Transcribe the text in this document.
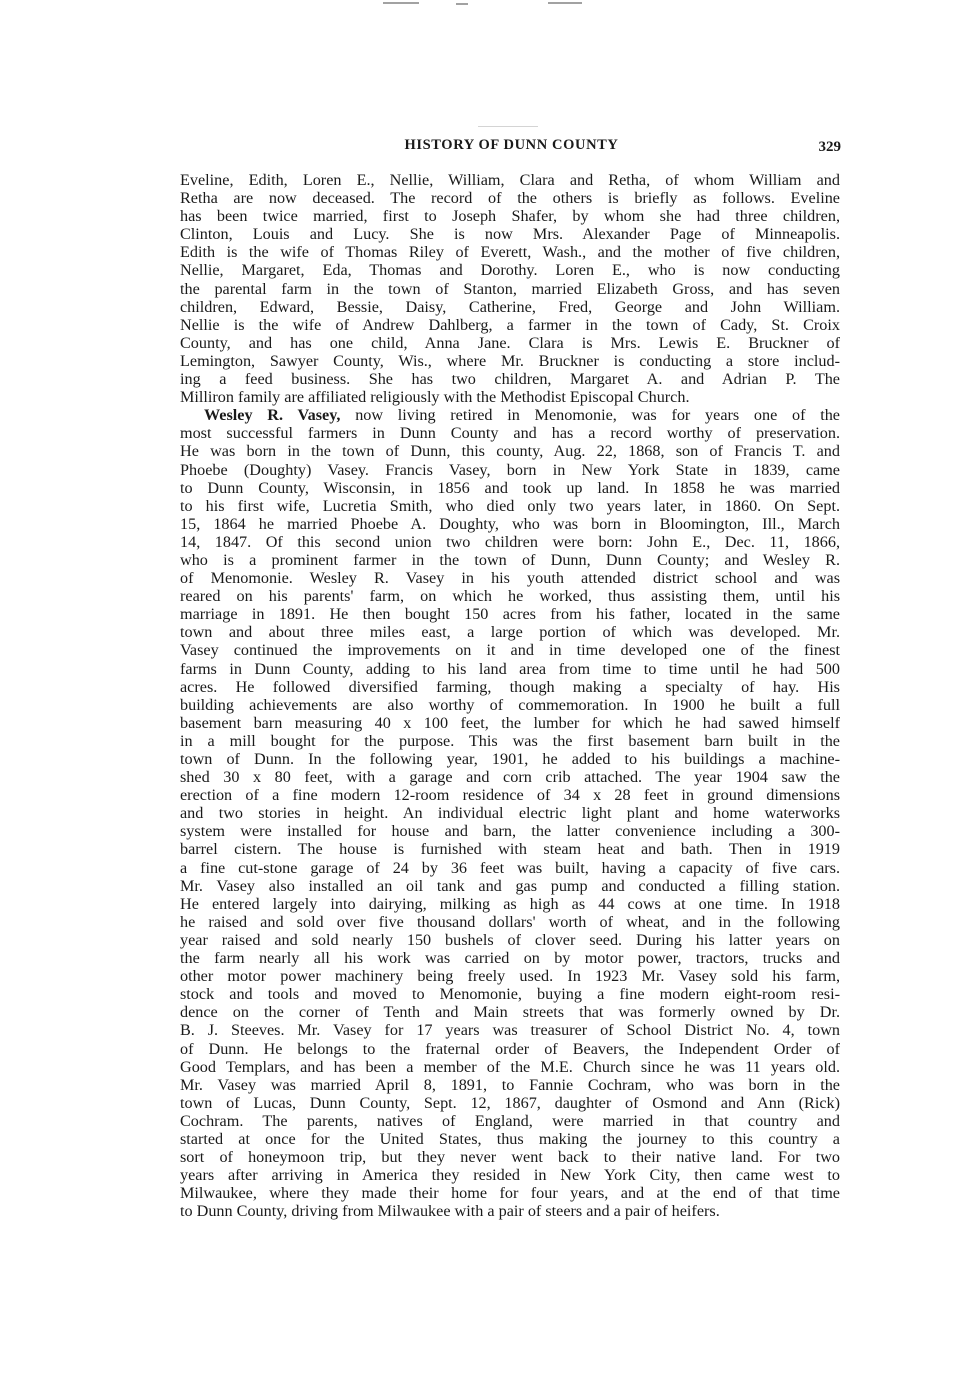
HISTORY OF DUNN COUNTY	329
Eveline, Edith, Loren E., Nellie, William, Clara and Retha, of whom William and
Retha are now deceased. The record of the others is briefly as follows. Eveline
has been twice married, first to Joseph Shafer, by whom she had three children,
Clinton, Louis and Lucy. She is now Mrs. Alexander Page of Minneapolis.
Edith is the wife of Thomas Riley of Everett, Wash., and the mother of five children,
Nellie, Margaret, Eda, Thomas and Dorothy. Loren E., who is now conducting
the parental farm in the town of Stanton, married Elizabeth Gross, and has seven
children, Edward, Bessie, Daisy, Catherine, Fred, George and John William.
Nellie is the wife of Andrew Dahlberg, a farmer in the town of Cady, St. Croix
County, and has one child, Anna Jane. Clara is Mrs. Lewis E. Bruckner of
Lemington, Sawyer County, Wis., where Mr. Bruckner is conducting a store includ-
ing a feed business. She has two children, Margaret A. and Adrian P. The
Milliron family are affiliated religiously with the Methodist Episcopal Church.
Wesley R. Vasey, now living retired in Menomonie, was for years one of the
most successful farmers in Dunn County and has a record worthy of preservation.
He was born in the town of Dunn, this county, Aug. 22, 1868, son of Francis T. and
Phoebe (Doughty) Vasey. Francis Vasey, born in New York State in 1839, came
to Dunn County, Wisconsin, in 1856 and took up land. In 1858 he was married
to his first wife, Lucretia Smith, who died only two years later, in 1860. On Sept.
15, 1864 he married Phoebe A. Doughty, who was born in Bloomington, Ill., March
14, 1847. Of this second union two children were born: John E., Dec. 11, 1866,
who is a prominent farmer in the town of Dunn, Dunn County; and Wesley R.
of Menomonie. Wesley R. Vasey in his youth attended district school and was
reared on his parents' farm, on which he worked, thus assisting them, until his
marriage in 1891. He then bought 150 acres from his father, located in the same
town and about three miles east, a large portion of which was developed. Mr.
Vasey continued the improvements on it and in time developed one of the finest
farms in Dunn County, adding to his land area from time to time until he had 500
acres. He followed diversified farming, though making a specialty of hay. His
building achievements are also worthy of commemoration. In 1900 he built a full
basement barn measuring 40 x 100 feet, the lumber for which he had sawed himself
in a mill bought for the purpose. This was the first basement barn built in the
town of Dunn. In the following year, 1901, he added to his buildings a machine-
shed 30 x 80 feet, with a garage and corn crib attached. The year 1904 saw the
erection of a fine modern 12-room residence of 34 x 28 feet in ground dimensions
and two stories in height. An individual electric light plant and home waterworks
system were installed for house and barn, the latter convenience including a 300-
barrel cistern. The house is furnished with steam heat and bath. Then in 1919
a fine cut-stone garage of 24 by 36 feet was built, having a capacity of five cars.
Mr. Vasey also installed an oil tank and gas pump and conducted a filling station.
He entered largely into dairying, milking as high as 44 cows at one time. In 1918
he raised and sold over five thousand dollars' worth of wheat, and in the following
year raised and sold nearly 150 bushels of clover seed. During his latter years on
the farm nearly all his work was carried on by motor power, tractors, trucks and
other motor power machinery being freely used. In 1923 Mr. Vasey sold his farm,
stock and tools and moved to Menomonie, buying a fine modern eight-room resi-
dence on the corner of Tenth and Main streets that was formerly owned by Dr.
B. J. Steeves. Mr. Vasey for 17 years was treasurer of School District No. 4, town
of Dunn. He belongs to the fraternal order of Beavers, the Independent Order of
Good Templars, and has been a member of the M.E. Church since he was 11 years old.
Mr. Vasey was married April 8, 1891, to Fannie Cochram, who was born in the
town of Lucas, Dunn County, Sept. 12, 1867, daughter of Osmond and Ann (Rick)
Cochram. The parents, natives of England, were married in that country and
started at once for the United States, thus making the journey to this country a
sort of honeymoon trip, but they never went back to their native land. For two
years after arriving in America they resided in New York City, then came west to
Milwaukee, where they made their home for four years, and at the end of that time
to Dunn County, driving from Milwaukee with a pair of steers and a pair of heifers.
